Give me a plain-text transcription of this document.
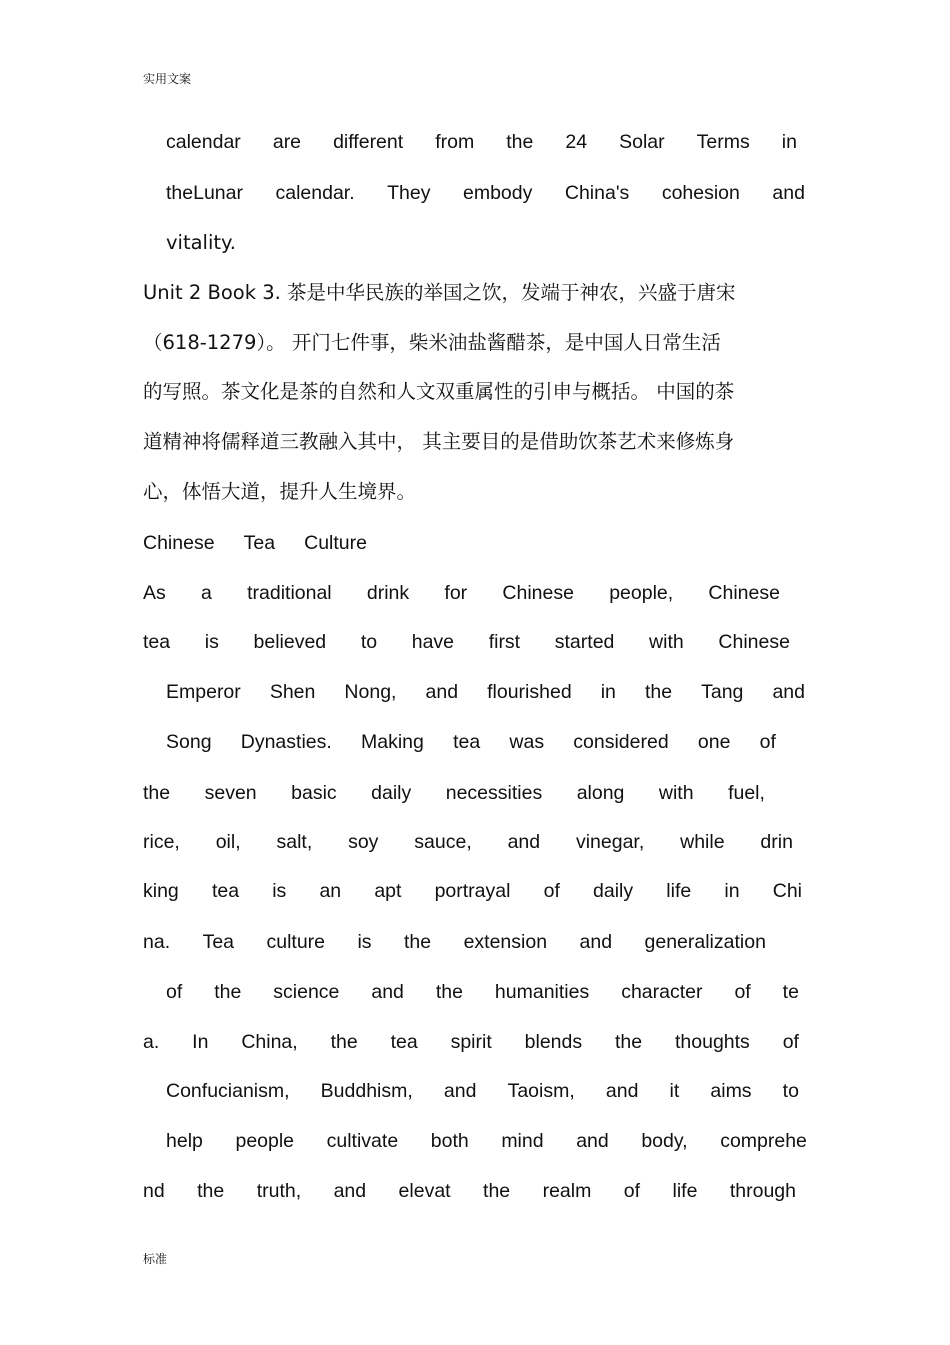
实用文案
calendar are different from the 24 Solar Terms in
theLunar calendar. They embody China's cohesion and
vitality.
Unit 2 Book 3. 茶是中华民族的举国之饮，发端于神农，兴盛于唐宋
（618-1279）。 开门七件事，柴米油盐酱醋茶，是中国人日常生活
的写照。茶文化是茶的自然和人文双重属性的引申与概括。 中国的茶
道精神将儒释道三教融入其中， 其主要目的是借助饮茶艺术来修炼身
心，体悟大道，提升人生境界。
Chinese Tea Culture
As a traditional drink for Chinese people, Chinese
tea is believed to have first started with Chinese
Emperor Shen Nong, and flourished in the Tang and
Song Dynasties. Making tea was considered one of
the seven basic daily necessities along with fuel,
rice, oil, salt, soy sauce, and vinegar, while drin
king tea is an apt portrayal of daily life in Chi
na. Tea culture is the extension and generalization
of the science and the humanities character of te
a. In China, the tea spirit blends the thoughts of
Confucianism, Buddhism, and Taoism, and it aims to
help people cultivate both mind and body, comprehe
nd the truth, and elevat the realm of life through
标准
